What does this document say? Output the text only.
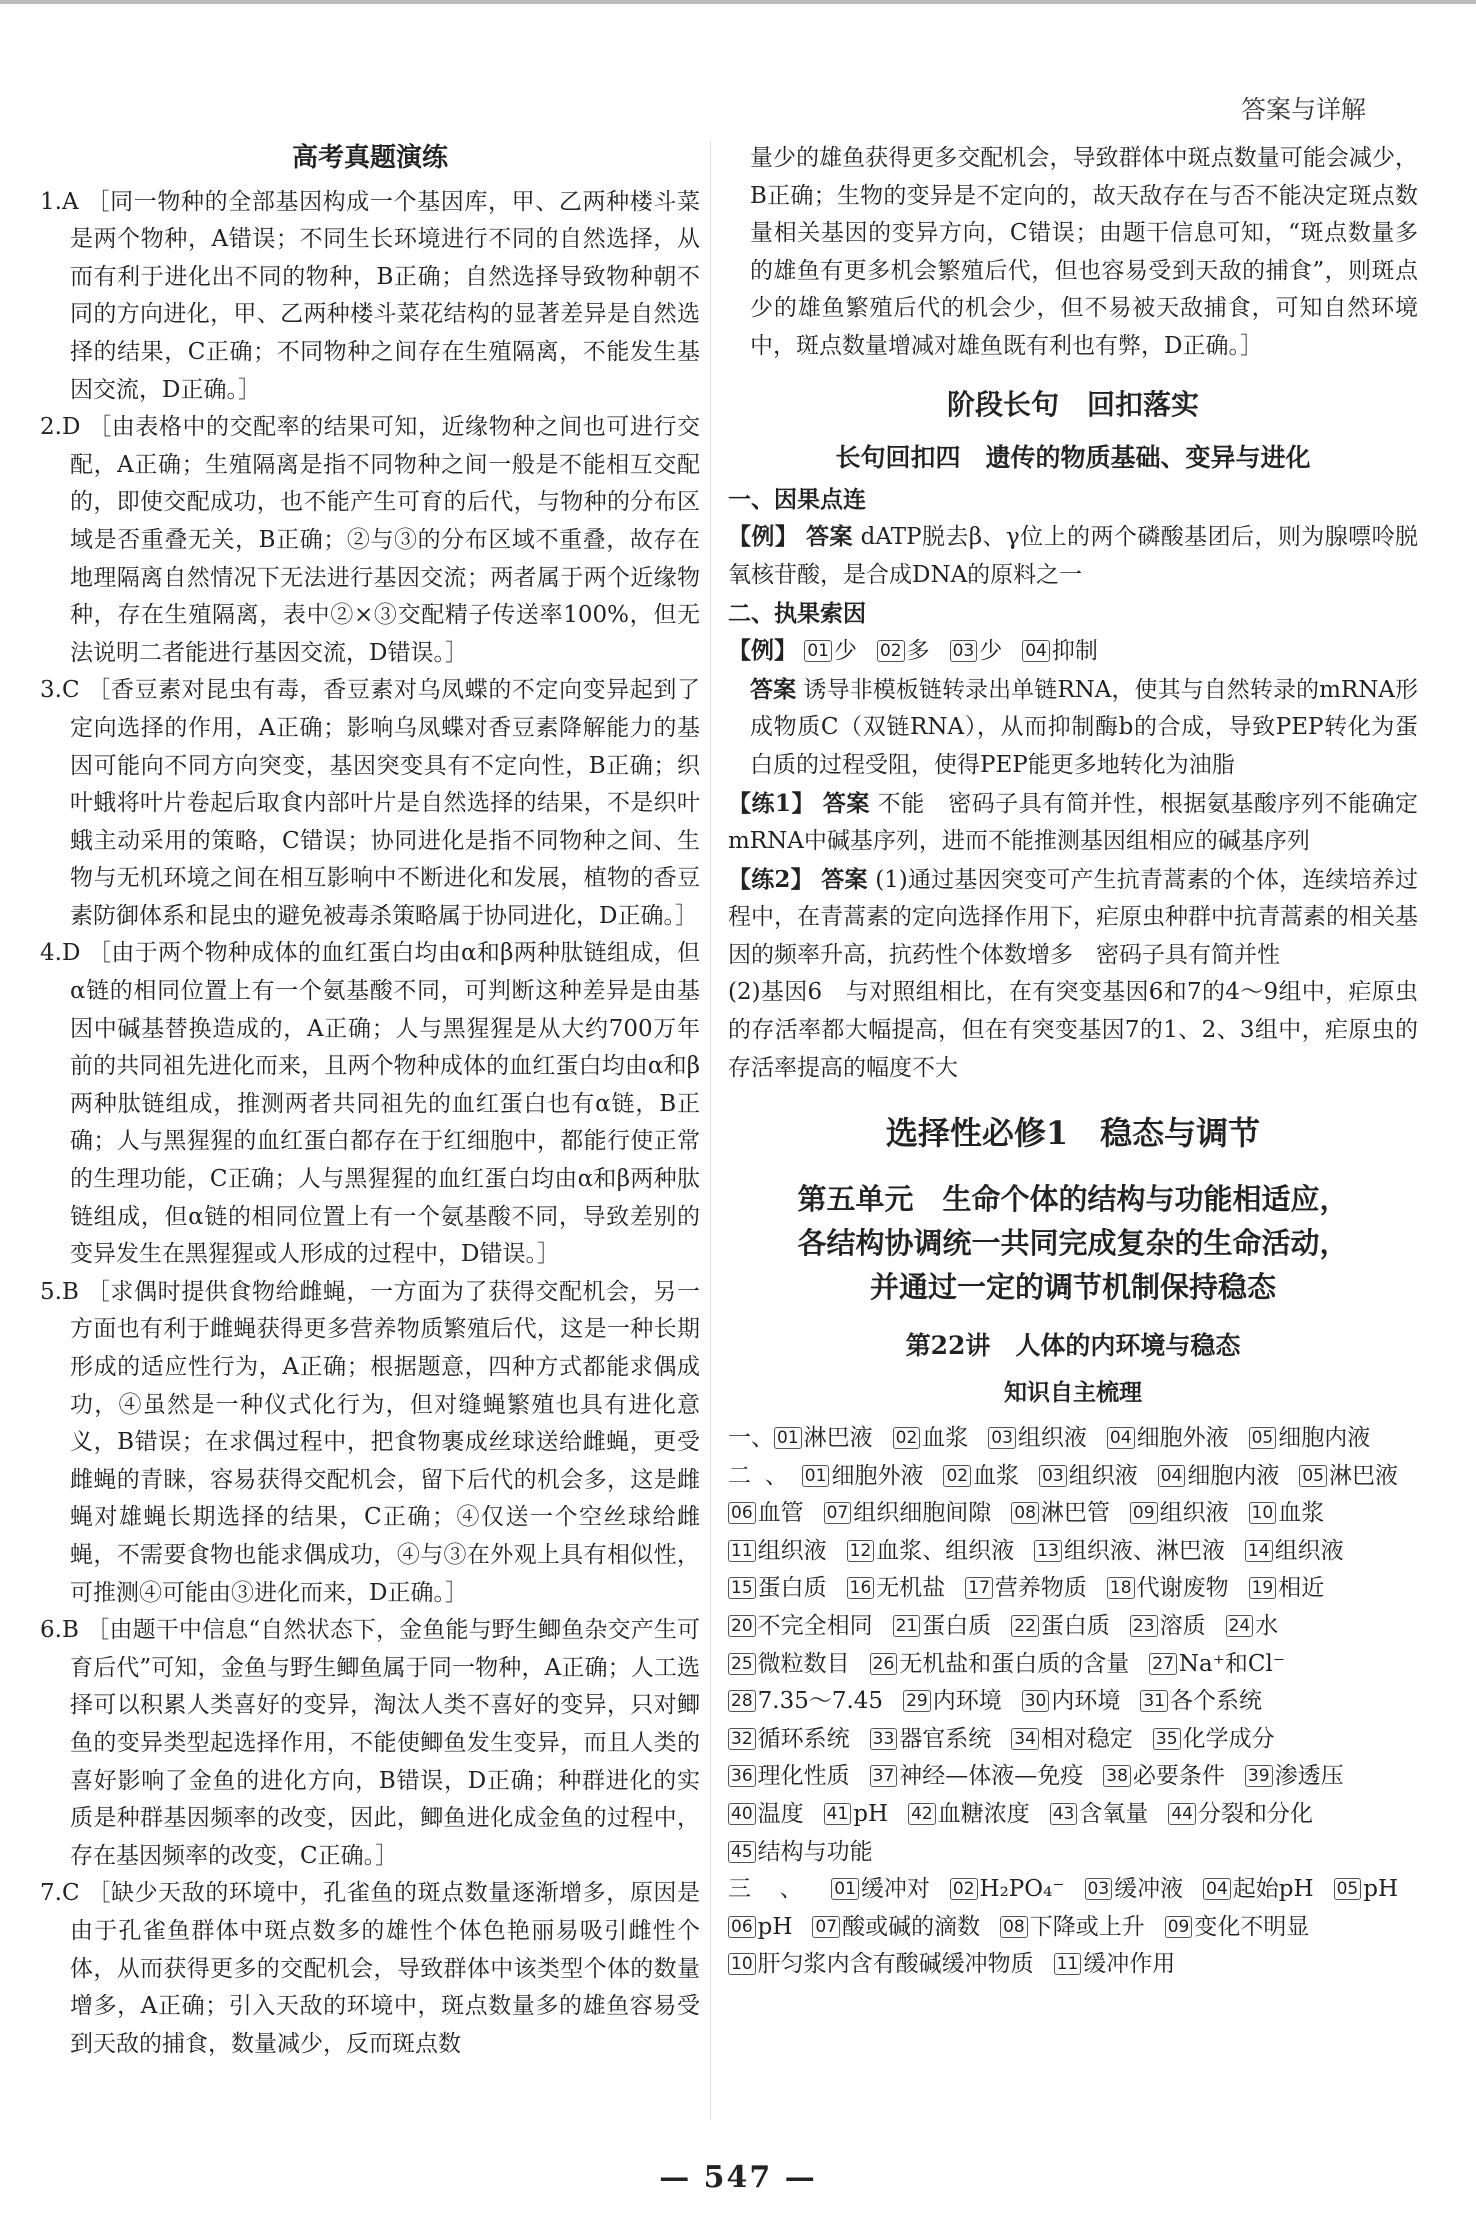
答案与详解

高考真题演练

1.A ［同一物种的全部基因构成一个基因库，甲、乙两种楼斗菜是两个物种，A错误；不同生长环境进行不同的自然选择，从而有利于进化出不同的物种，B正确；自然选择导致物种朝不同的方向进化，甲、乙两种楼斗菜花结构的显著差异是自然选择的结果，C正确；不同物种之间存在生殖隔离，不能发生基因交流，D正确。］

2.D ［由表格中的交配率的结果可知，近缘物种之间也可进行交配，A正确；生殖隔离是指不同物种之间一般是不能相互交配的，即使交配成功，也不能产生可育的后代，与物种的分布区域是否重叠无关，B正确；②与③的分布区域不重叠，故存在地理隔离自然情况下无法进行基因交流；两者属于两个近缘物种，存在生殖隔离，表中②×③交配精子传送率100%，但无法说明二者能进行基因交流，D错误。］

3.C ［香豆素对昆虫有毒，香豆素对乌凤蝶的不定向变异起到了定向选择的作用，A正确；影响乌凤蝶对香豆素降解能力的基因可能向不同方向突变，基因突变具有不定向性，B正确；织叶蛾将叶片卷起后取食内部叶片是自然选择的结果，不是织叶蛾主动采用的策略，C错误；协同进化是指不同物种之间、生物与无机环境之间在相互影响中不断进化和发展，植物的香豆素防御体系和昆虫的避免被毒杀策略属于协同进化，D正确。］

4.D ［由于两个物种成体的血红蛋白均由α和β两种肽链组成，但α链的相同位置上有一个氨基酸不同，可判断这种差异是由基因中碱基替换造成的，A正确；人与黑猩猩是从大约700万年前的共同祖先进化而来，且两个物种成体的血红蛋白均由α和β两种肽链组成，推测两者共同祖先的血红蛋白也有α链，B正确；人与黑猩猩的血红蛋白都存在于红细胞中，都能行使正常的生理功能，C正确；人与黑猩猩的血红蛋白均由α和β两种肽链组成，但α链的相同位置上有一个氨基酸不同，导致差别的变异发生在黑猩猩或人形成的过程中，D错误。］

5.B ［求偶时提供食物给雌蝇，一方面为了获得交配机会，另一方面也有利于雌蝇获得更多营养物质繁殖后代，这是一种长期形成的适应性行为，A正确；根据题意，四种方式都能求偶成功，④虽然是一种仪式化行为，但对缝蝇繁殖也具有进化意义，B错误；在求偶过程中，把食物裹成丝球送给雌蝇，更受雌蝇的青睐，容易获得交配机会，留下后代的机会多，这是雌蝇对雄蝇长期选择的结果，C正确；④仅送一个空丝球给雌蝇，不需要食物也能求偶成功，④与③在外观上具有相似性，可推测④可能由③进化而来，D正确。］

6.B ［由题干中信息“自然状态下，金鱼能与野生鲫鱼杂交产生可育后代”可知，金鱼与野生鲫鱼属于同一物种，A正确；人工选择可以积累人类喜好的变异，淘汰人类不喜好的变异，只对鲫鱼的变异类型起选择作用，不能使鲫鱼发生变异，而且人类的喜好影响了金鱼的进化方向，B错误，D正确；种群进化的实质是种群基因频率的改变，因此，鲫鱼进化成金鱼的过程中，存在基因频率的改变，C正确。］

7.C ［缺少天敌的环境中，孔雀鱼的斑点数量逐渐增多，原因是由于孔雀鱼群体中斑点数多的雄性个体色艳丽易吸引雌性个体，从而获得更多的交配机会，导致群体中该类型个体的数量增多，A正确；引入天敌的环境中，斑点数量多的雄鱼容易受到天敌的捕食，数量减少，反而斑点数

量少的雄鱼获得更多交配机会，导致群体中斑点数量可能会减少，B正确；生物的变异是不定向的，故天敌存在与否不能决定斑点数量相关基因的变异方向，C错误；由题干信息可知，“斑点数量多的雄鱼有更多机会繁殖后代，但也容易受到天敌的捕食”，则斑点少的雄鱼繁殖后代的机会少，但不易被天敌捕食，可知自然环境中，斑点数量增减对雄鱼既有利也有弊，D正确。］

阶段长句　回扣落实

长句回扣四　遗传的物质基础、变异与进化

一、因果点连

【例】 答案 dATP脱去β、γ位上的两个磷酸基团后，则为腺嘌呤脱氧核苷酸，是合成DNA的原料之一

二、执果索因

【例】 01 少 02 多 03 少 04 抑制

答案 诱导非模板链转录出单链RNA，使其与自然转录的mRNA形成物质C（双链RNA），从而抑制酶b的合成，导致PEP转化为蛋白质的过程受阻，使得PEP能更多地转化为油脂

【练1】 答案 不能　密码子具有简并性，根据氨基酸序列不能确定mRNA中碱基序列，进而不能推测基因组相应的碱基序列

【练2】 答案 (1)通过基因突变可产生抗青蒿素的个体，连续培养过程中，在青蒿素的定向选择作用下，疟原虫种群中抗青蒿素的相关基因的频率升高，抗药性个体数增多　密码子具有简并性

(2)基因6　与对照组相比，在有突变基因6和7的4～9组中，疟原虫的存活率都大幅提高，但在有突变基因7的1、2、3组中，疟原虫的存活率提高的幅度不大

选择性必修1　稳态与调节

第五单元　生命个体的结构与功能相适应，

各结构协调统一共同完成复杂的生命活动，

并通过一定的调节机制保持稳态

第22讲　人体的内环境与稳态

知识自主梳理

一、 01 淋巴液 02 血浆 03 组织液 04 细胞外液 05 细胞内液

二、 01 细胞外液 02 血浆 03 组织液 04 细胞内液 05 淋巴液06 血管 07 组织细胞间隙 08 淋巴管 09 组织液 10 血浆11 组织液 12 血浆、组织液 13 组织液、淋巴液 14 组织液15 蛋白质 16 无机盐 17 营养物质 18 代谢废物 19 相近20 不完全相同 21 蛋白质 22 蛋白质 23 溶质 24 水25 微粒数目 26 无机盐和蛋白质的含量 27 Na⁺和Cl⁻28 7.35～7.45 29 内环境 30 内环境 31 各个系统32 循环系统 33 器官系统 34 相对稳定 35 化学成分36 理化性质 37 神经—体液—免疫 38 必要条件 39 渗透压40 温度 41 pH 42 血糖浓度 43 含氧量 44 分裂和分化45 结构与功能

三、 01 缓冲对 02 H₂PO₄⁻ 03 缓冲液 04 起始pH 05 pH06 pH 07 酸或碱的滴数 08 下降或上升 09 变化不明显10 肝匀浆内含有酸碱缓冲物质 11 缓冲作用

— 547 —
